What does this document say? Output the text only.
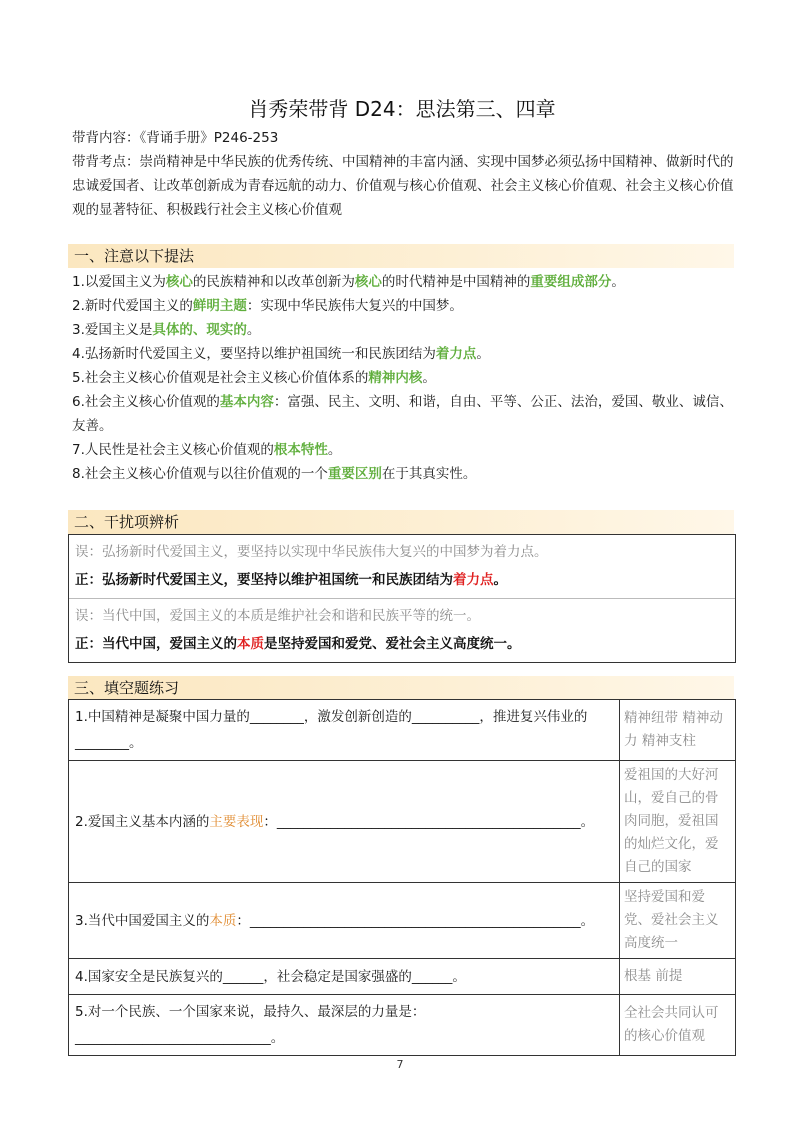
肖秀荣带背 D24：思法第三、四章

带背内容：《背诵手册》P246-253

带背考点：崇尚精神是中华民族的优秀传统、中国精神的丰富内涵、实现中国梦必须弘扬中国精神、做新时代的忠诚爱国者、让改革创新成为青春远航的动力、价值观与核心价值观、社会主义核心价值观、社会主义核心价值观的显著特征、积极践行社会主义核心价值观

一、注意以下提法

1.以爱国主义为核心的民族精神和以改革创新为核心的时代精神是中国精神的重要组成部分。

2.新时代爱国主义的鲜明主题：实现中华民族伟大复兴的中国梦。

3.爱国主义是具体的、现实的。

4.弘扬新时代爱国主义，要坚持以维护祖国统一和民族团结为着力点。

5.社会主义核心价值观是社会主义核心价值体系的精神内核。

6.社会主义核心价值观的基本内容：富强、民主、文明、和谐，自由、平等、公正、法治，爱国、敬业、诚信、友善。

7.人民性是社会主义核心价值观的根本特性。

8.社会主义核心价值观与以往价值观的一个重要区别在于其真实性。

二、干扰项辨析
误：弘扬新时代爱国主义，要坚持以实现中华民族伟大复兴的中国梦为着力点。
正：弘扬新时代爱国主义，要坚持以维护祖国统一和民族团结为着力点。
误：当代中国，爱国主义的本质是维护社会和谐和民族平等的统一。
正：当代中国，爱国主义的本质是坚持爱国和爱党、爱社会主义高度统一。
三、填空题练习
1.中国精神是凝聚中国力量的________，激发创新创造的__________，推进复兴伟业的________。	精神纽带 精神动力 精神支柱
2.爱国主义基本内涵的主要表现：_____________________________________________。	爱祖国的大好河山，爱自己的骨肉同胞，爱祖国的灿烂文化，爱自己的国家
3.当代中国爱国主义的本质：_________________________________________________。	坚持爱国和爱党、爱社会主义高度统一
4.国家安全是民族复兴的______，社会稳定是国家强盛的______。	根基 前提
5.对一个民族、一个国家来说，最持久、最深层的力量是：_____________________________。	全社会共同认可的核心价值观
7
